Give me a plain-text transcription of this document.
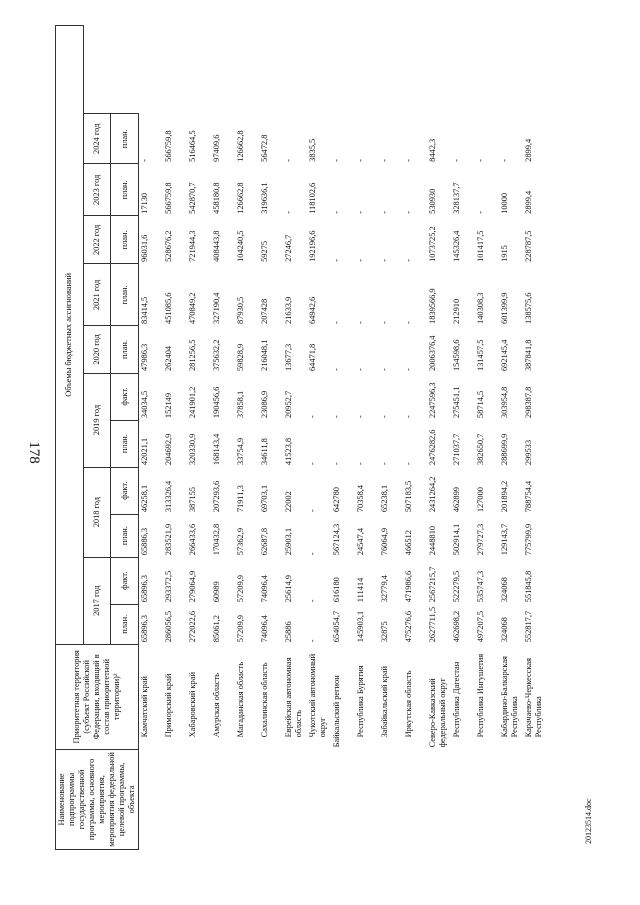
178
20123514.doc
Наименование подпрограммы государственной программы, основного мероприятия, мероприятия федеральной целевой программы, объекта	Приоритетная территория (субъект Российской Федерации, входящий в состав приоритетной территории)²	Объемы бюджетных ассигнований										
		2017 год		2018 год		2019 год		2020 год	2021 год	2022 год	2023 год	2024 год
		план.	факт.	план.	факт.	план.	факт.	план.	план.	план.	план.	план.
	Камчатский край	65896,3	65896,3	65886,3	46258,1	42021,1	34034,5	47986,3	83414,5	96031,6	17130	-
	Приморский край	286056,5	293372,5	283521,9	313326,4	204692,9	152149	262404	451085,6	528676,2	566759,8	566759,8
	Хабаровский край	272022,6	279064,9	266433,6	387155	320330,9	241901,2	281256,5	470849,2	721944,3	542870,7	516464,5
	Амурская область	85061,2	60989	170432,8	207293,6	168143,4	190456,6	375632,2	327190,4	408443,8	458180,8	97409,6
	Магаданская область	57209,9	57209,9	57362,9	71911,3	33754,9	37858,1	59828,9	87930,5	104240,5	126662,8	126662,8
	Сахалинская область	74096,4	74096,4	62687,8	69703,1	34611,8	23086,9	216048,1	207428	59275	319636,1	56472,8
	Еврейская автономная область	25886	25614,9	25903,1	22002	41523,8	20952,7	13677,3	21633,9	27246,7	-	-
	Чукотский автономный округ	-	-	-	-	-	-	64471,8	64942,6	192196,6	118102,6	3835,5
	Байкальский регион	654054,7	616180	567124,3	642780	-	-	-	-	-	-	-
	Республика Бурятия	145903,1	111414	24547,4	70358,4	-	-	-	-	-	-	-
	Забайкальский край	32875	32779,4	76064,9	65238,1	-	-	-	-	-	-	-
	Иркутская область	475276,6	471986,6	466512	507183,5	-	-	-	-	-	-	-
	Северо-Кавказский федеральный округ	2627711,5	2567215,7	2448810	2431264,2	2476282,6	2247596,3	2006376,4	1839566,9	1073725,2	530930	8442,3
	Республика Дагестан	462698,2	522279,5	502914,1	462899	271037,7	275451,1	154598,6	212910	145326,4	328137,7	-
	Республика Ингушетия	497207,5	535747,3	279727,3	127000	382650,7	58714,5	131457,5	140308,3	101417,5	-	-
	Кабардино-Балкарская Республика	324068	324068	129143,7	201894,2	288699,9	303954,8	692145,4	601399,9	1915	10000	-
	Карачаево-Черкесская Республика	552817,7	551845,8	775799,9	788754,4	299533	298387,8	387841,8	138575,6	228787,5	2899,4	2899,4
